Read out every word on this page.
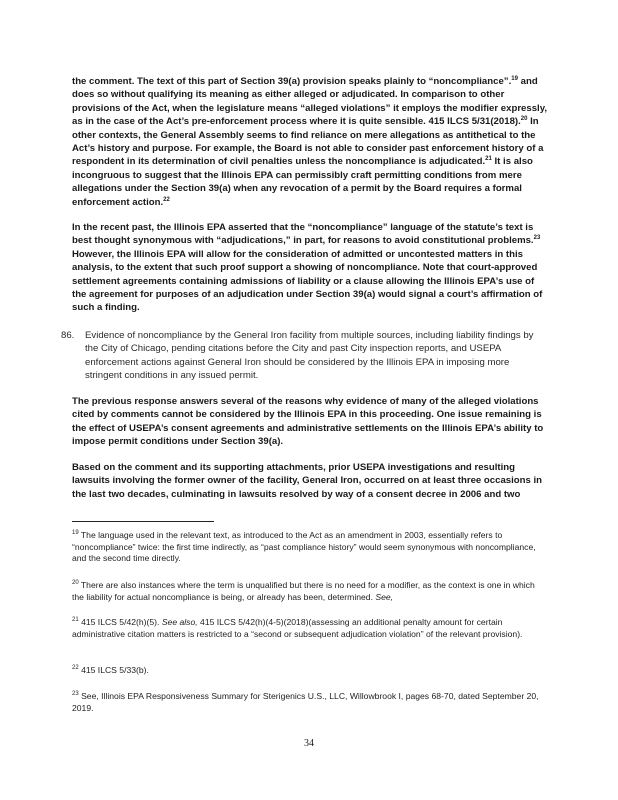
the comment. The text of this part of Section 39(a) provision speaks plainly to “noncompliance”.$^{19}$ and does so without qualifying its meaning as either alleged or adjudicated. In comparison to other provisions of the Act, when the legislature means “alleged violations” it employs the modifier expressly, as in the case of the Act’s pre-enforcement process where it is quite sensible. 415 ILCS 5/31(2018).$^{20}$ In other contexts, the General Assembly seems to find reliance on mere allegations as antithetical to the Act’s history and purpose. For example, the Board is not able to consider past enforcement history of a respondent in its determination of civil penalties unless the noncompliance is adjudicated.$^{21}$ It is also incongruous to suggest that the Illinois EPA can permissibly craft permitting conditions from mere allegations under the Section 39(a) when any revocation of a permit by the Board requires a formal enforcement action.$^{22}$

In the recent past, the Illinois EPA asserted that the “noncompliance” language of the statute’s text is best thought synonymous with “adjudications,” in part, for reasons to avoid constitutional problems.$^{23}$ However, the Illinois EPA will allow for the consideration of admitted or uncontested matters in this analysis, to the extent that such proof support a showing of noncompliance. Note that court-approved settlement agreements containing admissions of liability or a clause allowing the Illinois EPA’s use of the agreement for purposes of an adjudication under Section 39(a) would signal a court’s affirmation of such a finding.

86. Evidence of noncompliance by the General Iron facility from multiple sources, including liability findings by the City of Chicago, pending citations before the City and past City inspection reports, and USEPA enforcement actions against General Iron should be considered by the Illinois EPA in imposing more stringent conditions in any issued permit.

The previous response answers several of the reasons why evidence of many of the alleged violations cited by comments cannot be considered by the Illinois EPA in this proceeding. One issue remaining is the effect of USEPA’s consent agreements and administrative settlements on the Illinois EPA’s ability to impose permit conditions under Section 39(a).

Based on the comment and its supporting attachments, prior USEPA investigations and resulting lawsuits involving the former owner of the facility, General Iron, occurred on at least three occasions in the last two decades, culminating in lawsuits resolved by way of a consent decree in 2006 and two

$^{19}$ The language used in the relevant text, as introduced to the Act as an amendment in 2003, essentially refers to “noncompliance” twice: the first time indirectly, as “past compliance history” would seem synonymous with noncompliance, and the second time directly.
$^{20}$ There are also instances where the term is unqualified but there is no need for a modifier, as the context is one in which the liability for actual noncompliance is being, or already has been, determined. See,
$^{21}$ 415 ILCS 5/42(h)(5). See also, 415 ILCS 5/42(h)(4-5)(2018)(assessing an additional penalty amount for certain administrative citation matters is restricted to a “second or subsequent adjudication violation” of the relevant provision).
$^{22}$ 415 ILCS 5/33(b).
$^{23}$ See, Illinois EPA Responsiveness Summary for Sterigenics U.S., LLC, Willowbrook I, pages 68-70, dated September 20, 2019.
34
